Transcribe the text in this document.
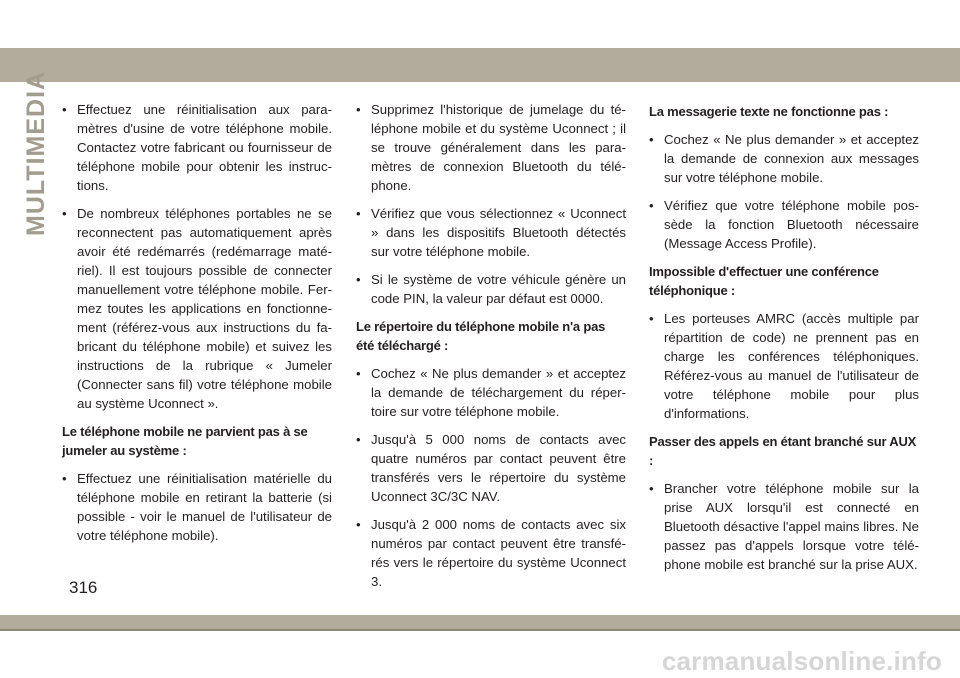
MULTIMEDIA

•	Effectuez une réinitialisation aux paramètres d'usine de votre téléphone mobile. Contactez votre fabricant ou fournisseur de téléphone mobile pour obtenir les instructions.

• De nombreux téléphones portables ne se reconnectent pas automatiquement après avoir été redémarrés (redémarrage matériel). Il est toujours possible de connecter manuellement votre téléphone mobile. Fermez toutes les applications en fonctionnement (référez-vous aux instructions du fabricant du téléphone mobile) et suivez les instructions de la rubrique « Jumeler (Connecter sans fil) votre téléphone mobile au système Uconnect ».

Le téléphone mobile ne parvient pas à se jumeler au système :

• Effectuez une réinitialisation matérielle du téléphone mobile en retirant la batterie (si possible - voir le manuel de l'utilisateur de votre téléphone mobile).

• Supprimez l'historique de jumelage du téléphone mobile et du système Uconnect ; il se trouve généralement dans les paramètres de connexion Bluetooth du téléphone.

• Vérifiez que vous sélectionnez « Uconnect » dans les dispositifs Bluetooth détectés sur votre téléphone mobile.

• Si le système de votre véhicule génère un code PIN, la valeur par défaut est 0000.

Le répertoire du téléphone mobile n'a pas été téléchargé :

• Cochez « Ne plus demander » et acceptez la demande de téléchargement du répertoire sur votre téléphone mobile.

• Jusqu'à 5 000 noms de contacts avec quatre numéros par contact peuvent être transférés vers le répertoire du système Uconnect 3C/3C NAV.

• Jusqu'à 2 000 noms de contacts avec six numéros par contact peuvent être transférés vers le répertoire du système Uconnect 3.

La messagerie texte ne fonctionne pas :

• Cochez « Ne plus demander » et acceptez la demande de connexion aux messages sur votre téléphone mobile.

• Vérifiez que votre téléphone mobile possède la fonction Bluetooth nécessaire (Message Access Profile).

Impossible d'effectuer une conférence téléphonique :

• Les porteuses AMRC (accès multiple par répartition de code) ne prennent pas en charge les conférences téléphoniques. Référez-vous au manuel de l'utilisateur de votre téléphone mobile pour plus d'informations.

Passer des appels en étant branché sur AUX :

• Brancher votre téléphone mobile sur la prise AUX lorsqu'il est connecté en Bluetooth désactive l'appel mains libres. Ne passez pas d'appels lorsque votre téléphone mobile est branché sur la prise AUX.

316
carmanualsonline.info
